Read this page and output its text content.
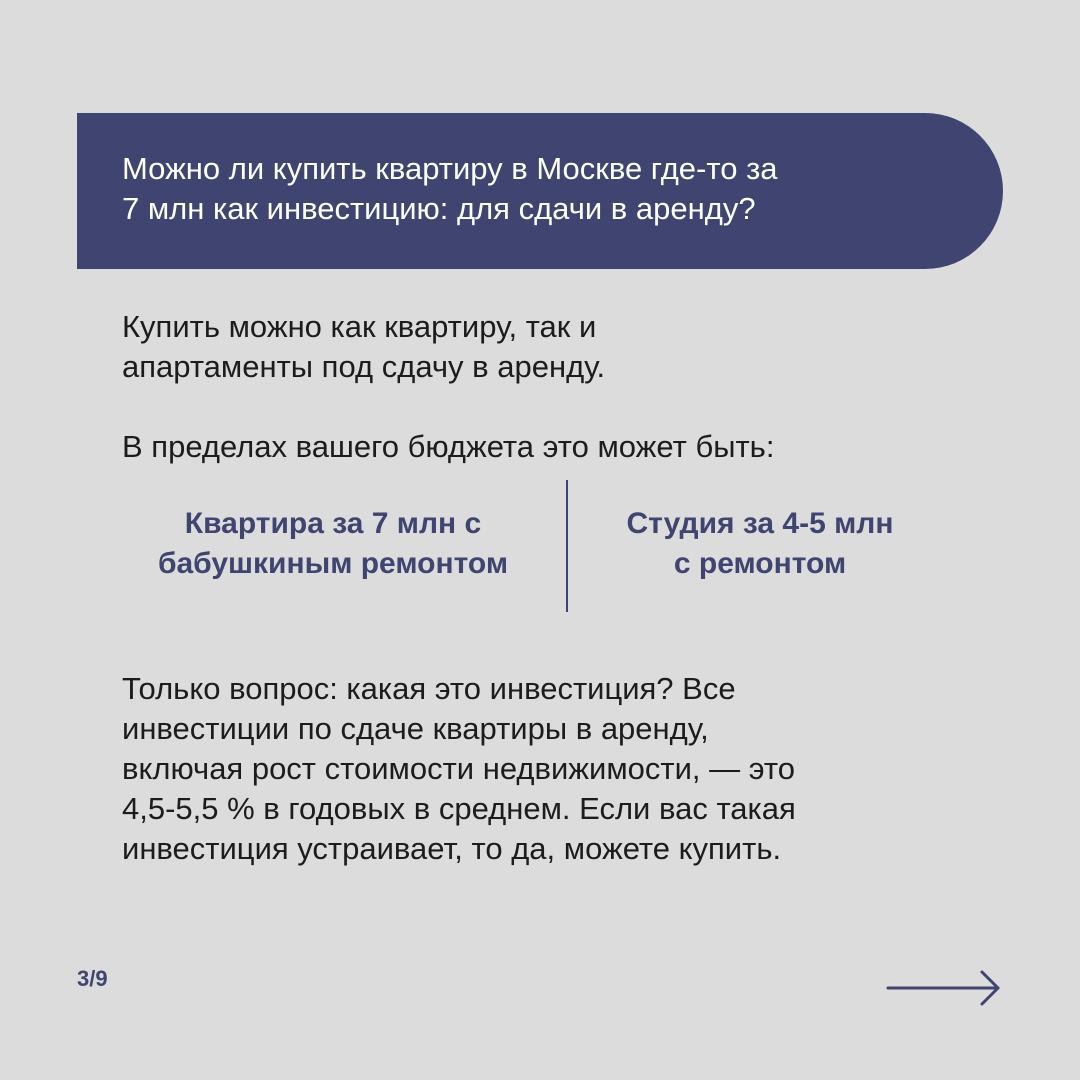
Можно ли купить квартиру в Москве где-то за
7 млн как инвестицию: для сдачи в аренду?

Купить можно как квартиру, так и
апартаменты под сдачу в аренду.

В пределах вашего бюджета это может быть:

Квартира за 7 млн с
бабушкиным ремонтом

Студия за 4-5 млн
с ремонтом

Только вопрос: какая это инвестиция? Все
инвестиции по сдаче квартиры в аренду,
включая рост стоимости недвижимости, — это
4,5-5,5 % в годовых в среднем. Если вас такая
инвестиция устраивает, то да, можете купить.

3/9
